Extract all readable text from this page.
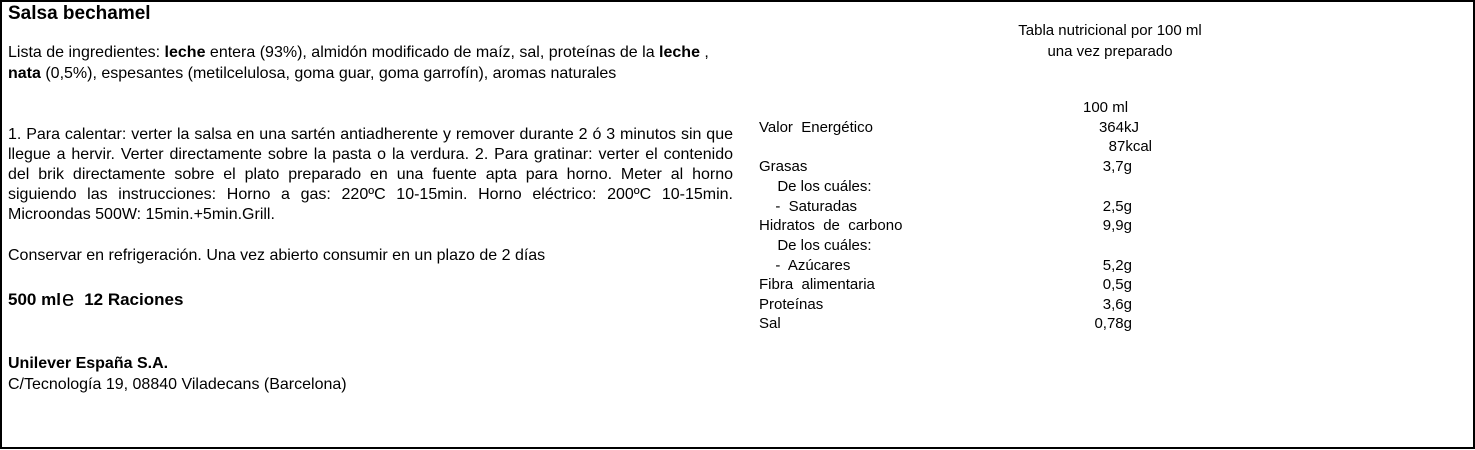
Salsa bechamel
Lista de ingredientes: leche entera (93%), almidón modificado de maíz, sal, proteínas de la leche , nata (0,5%), espesantes (metilcelulosa, goma guar, goma garrofín), aromas naturales
1. Para calentar: verter la salsa en una sartén antiadherente y remover durante 2 ó 3 minutos sin que llegue a hervir. Verter directamente sobre la pasta o la verdura. 2. Para gratinar: verter el contenido del brik directamente sobre el plato preparado en una fuente apta para horno. Meter al horno siguiendo las instrucciones: Horno a gas: 220ºC 10-15min. Horno eléctrico: 200ºC 10-15min. Microondas 500W: 15min.+5min.Grill.
Conservar en refrigeración. Una vez abierto consumir en un plazo de 2 días
500 mle 12 Raciones
Unilever España S.A.
C/Tecnología 19, 08840 Viladecans (Barcelona)
Tabla nutricional por 100 ml una vez preparado
100 ml
Valor  Energético	364kJ
87kcal
Grasas	3,7g
De los cuáles:
-  Saturadas	2,5g
Hidratos  de  carbono	9,9g
De los cuáles:
-  Azúcares	5,2g
Fibra  alimentaria	0,5g
Proteínas	3,6g
Sal	0,78g
